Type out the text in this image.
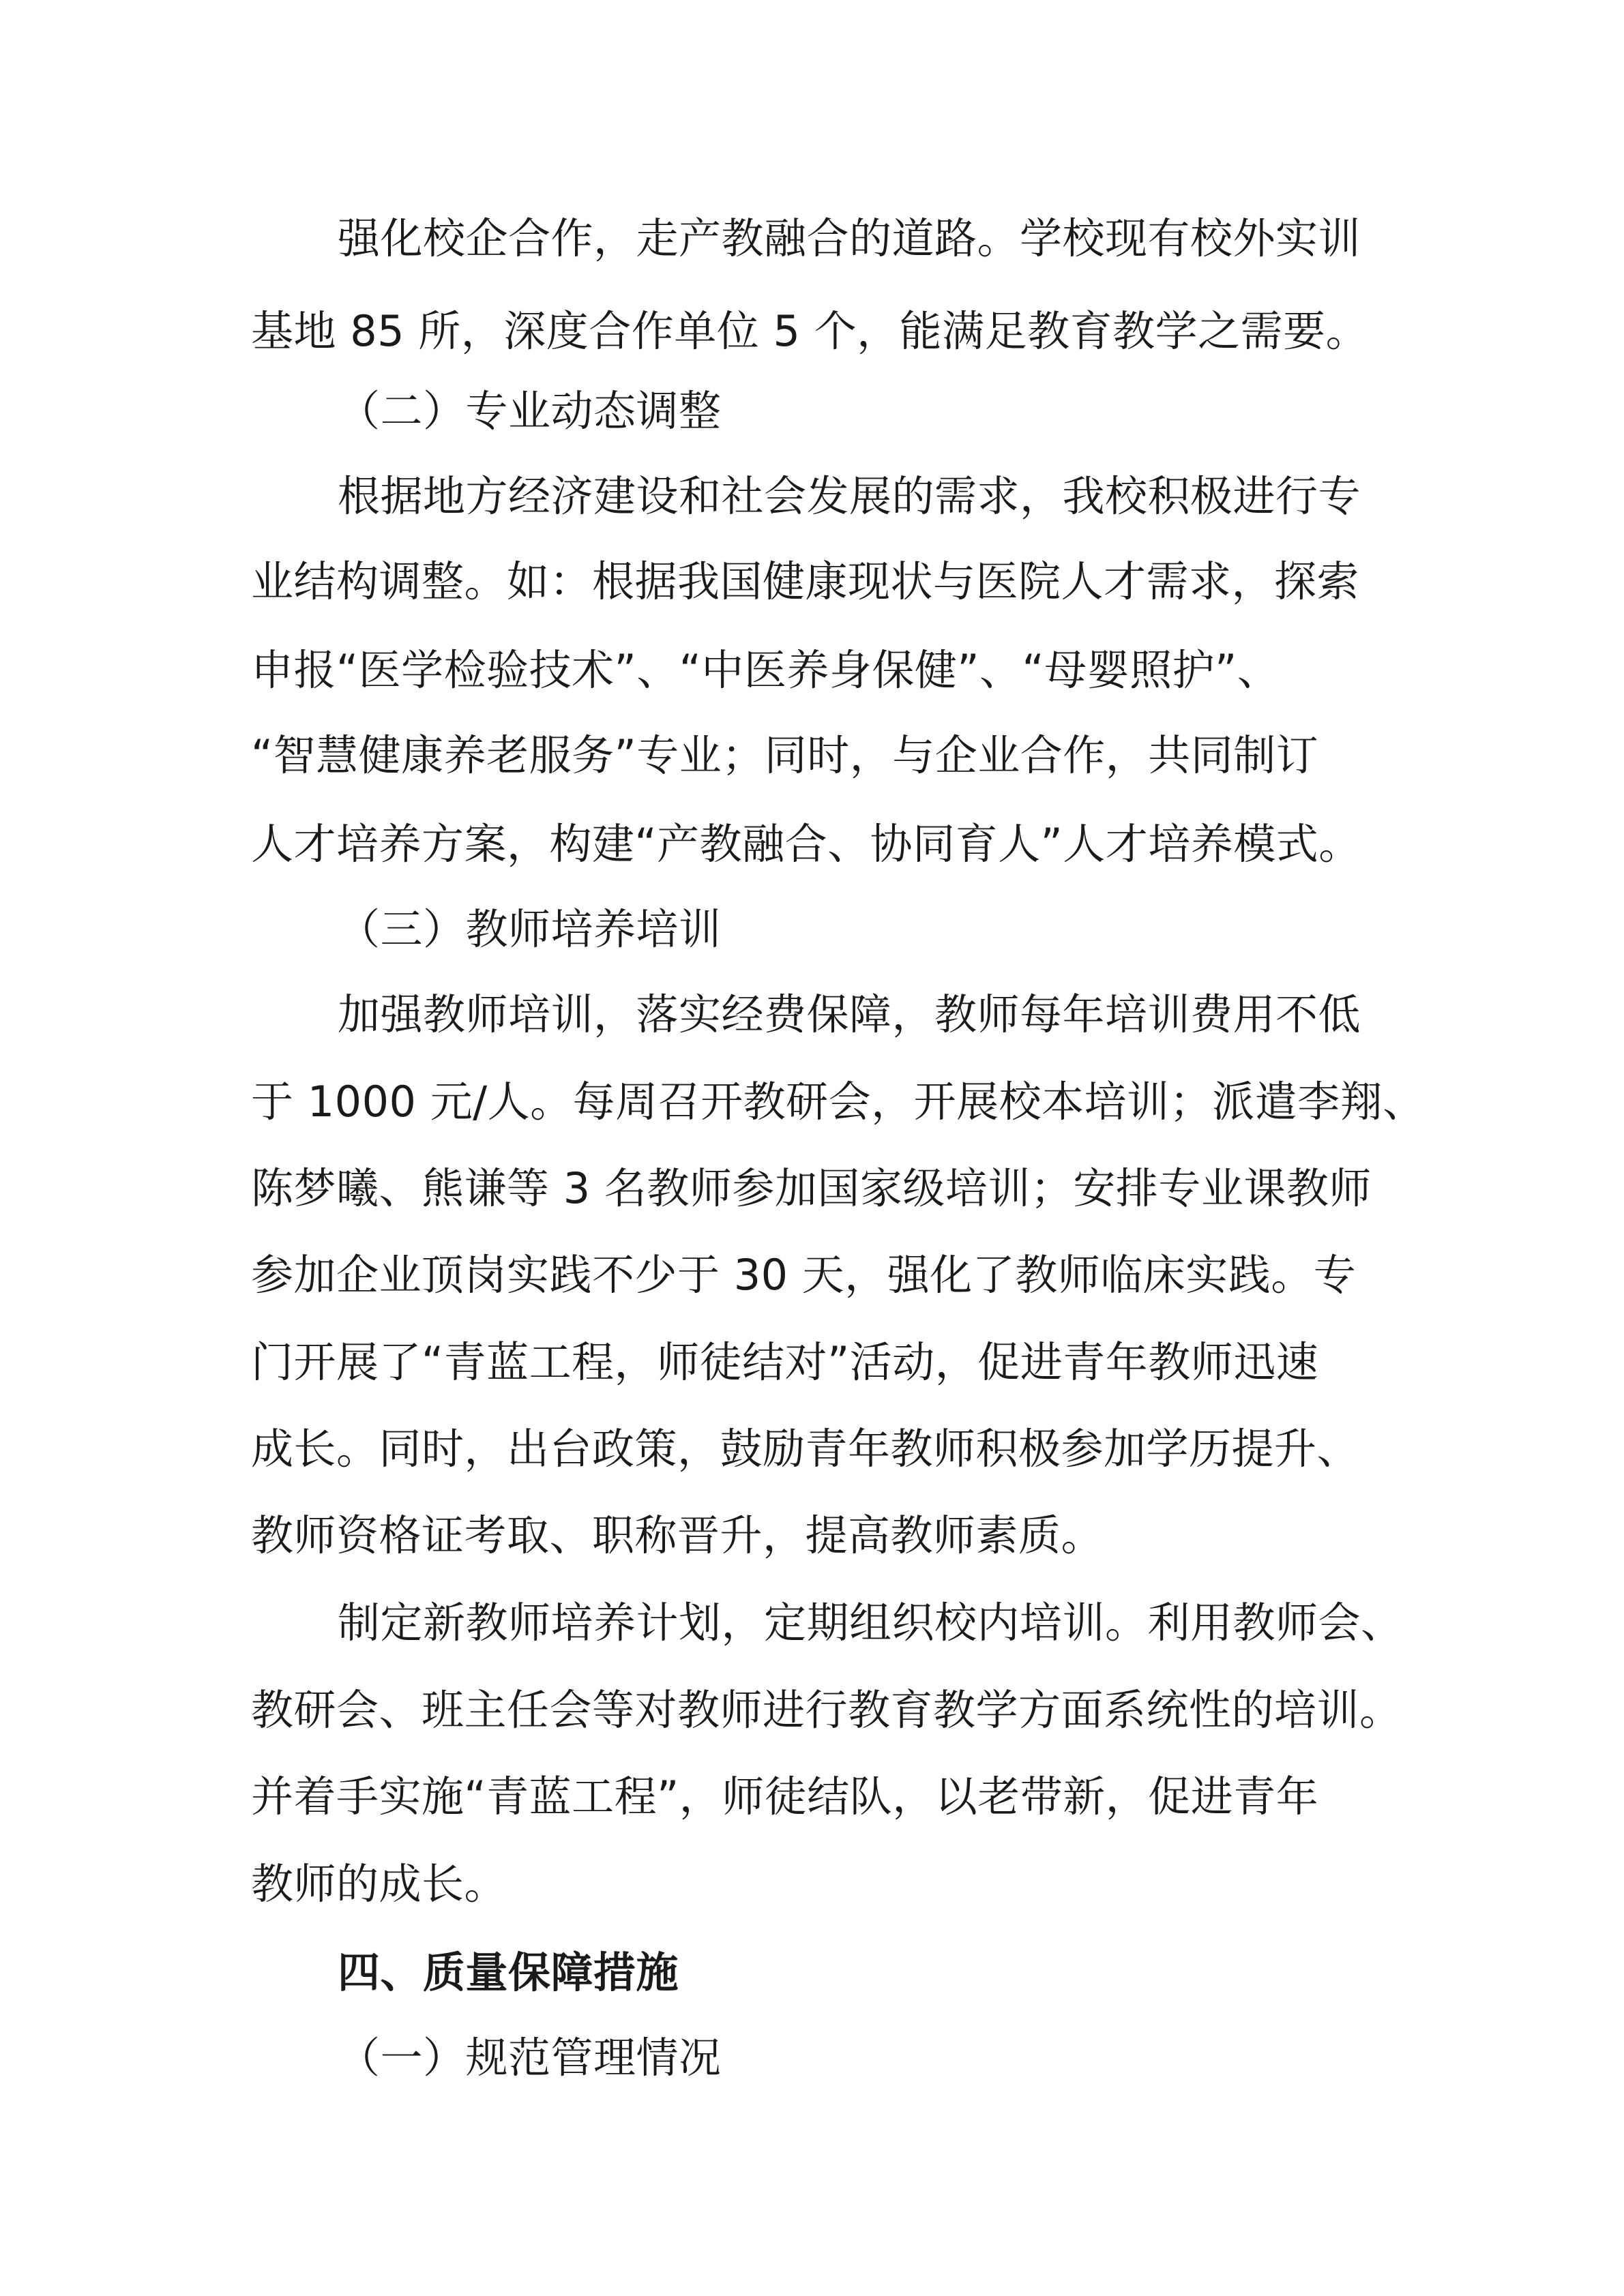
强化校企合作，走产教融合的道路。学校现有校外实训
基地 85 所，深度合作单位 5 个，能满足教育教学之需要。
（二）专业动态调整
根据地方经济建设和社会发展的需求，我校积极进行专
业结构调整。如：根据我国健康现状与医院人才需求，探索
申报“医学检验技术”、“中医养身保健”、“母婴照护”、
“智慧健康养老服务”专业；同时，与企业合作，共同制订
人才培养方案，构建“产教融合、协同育人”人才培养模式。
（三）教师培养培训
加强教师培训，落实经费保障，教师每年培训费用不低
于 1000 元/人。每周召开教研会，开展校本培训；派遣李翔、
陈梦曦、熊谦等 3 名教师参加国家级培训；安排专业课教师
参加企业顶岗实践不少于 30 天，强化了教师临床实践。专
门开展了“青蓝工程，师徒结对”活动，促进青年教师迅速
成长。同时，出台政策，鼓励青年教师积极参加学历提升、
教师资格证考取、职称晋升，提高教师素质。
制定新教师培养计划，定期组织校内培训。利用教师会、
教研会、班主任会等对教师进行教育教学方面系统性的培训。
并着手实施“青蓝工程”，师徒结队，以老带新，促进青年
教师的成长。
四、质量保障措施
（一）规范管理情况
